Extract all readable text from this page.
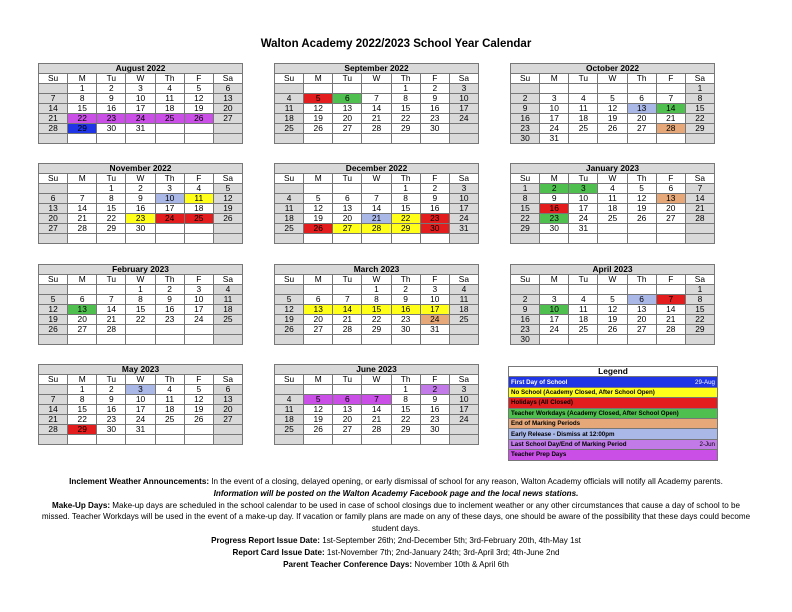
Walton Academy 2022/2023 School Year Calendar
August 2022						
Su	M	Tu	W	Th	F	Sa
	1	2	3	4	5	6
7	8	9	10	11	12	13
14	15	16	17	18	19	20
21	22	23	24	25	26	27
28	29	30	31			

September 2022						
Su	M	Tu	W	Th	F	Sa
				1	2	3
4	5	6	7	8	9	10
11	12	13	14	15	16	17
18	19	20	21	22	23	24
25	26	27	28	29	30	

October 2022						
Su	M	Tu	W	Th	F	Sa
						1
2	3	4	5	6	7	8
9	10	11	12	13	14	15
16	17	18	19	20	21	22
23	24	25	26	27	28	29
30	31					
November 2022						
Su	M	Tu	W	Th	F	Sa
		1	2	3	4	5
6	7	8	9	10	11	12
13	14	15	16	17	18	19
20	21	22	23	24	25	26
27	28	29	30			

December 2022						
Su	M	Tu	W	Th	F	Sa
				1	2	3
4	5	6	7	8	9	10
11	12	13	14	15	16	17
18	19	20	21	22	23	24
25	26	27	28	29	30	31

January 2023						
Su	M	Tu	W	Th	F	Sa
1	2	3	4	5	6	7
8	9	10	11	12	13	14
15	16	17	18	19	20	21
22	23	24	25	26	27	28
29	30	31				

February 2023						
Su	M	Tu	W	Th	F	Sa
			1	2	3	4
5	6	7	8	9	10	11
12	13	14	15	16	17	18
19	20	21	22	23	24	25
26	27	28				

March 2023						
Su	M	Tu	W	Th	F	Sa
			1	2	3	4
5	6	7	8	9	10	11
12	13	14	15	16	17	18
19	20	21	22	23	24	25
26	27	28	29	30	31	

April 2023						
Su	M	Tu	W	Th	F	Sa
						1
2	3	4	5	6	7	8
9	10	11	12	13	14	15
16	17	18	19	20	21	22
23	24	25	26	27	28	29
30						
May 2023						
Su	M	Tu	W	Th	F	Sa
	1	2	3	4	5	6
7	8	9	10	11	12	13
14	15	16	17	18	19	20
21	22	23	24	25	26	27
28	29	30	31			

June 2023						
Su	M	Tu	W	Th	F	Sa
				1	2	3
4	5	6	7	8	9	10
11	12	13	14	15	16	17
18	19	20	21	22	23	24
25	26	27	28	29	30	

Legend
First Day of School	29-Aug

No School (Academy Closed, After School Open)
Holidays (All Closed)
Teacher Workdays (Academy Closed, After School Open)
End of Marking Periods
Early Release - Dismiss at 12:00pm
Last School Day/End of Marking Period	2-Jun

Teacher Prep Days
Inclement Weather Announcements: In the event of a closing, delayed opening, or early dismissal of school for any reason, Walton Academy officials will notify all Academy parents.
Information will be posted on the Walton Academy Facebook page and the local news stations.
Make-Up Days: Make-up days are scheduled in the school calendar to be used in case of school closings due to inclement weather or any other circumstances that cause a day of school to be missed. Teacher Workdays will be used in the event of a make-up day. If vacation or family plans are made on any of these days, one should be aware of the possibility that these days could become student days.
Progress Report Issue Date: 1st-September 26th; 2nd-December 5th; 3rd-February 20th, 4th-May 1st
Report Card Issue Date: 1st-November 7th; 2nd-January 24th; 3rd-April 3rd; 4th-June 2nd
Parent Teacher Conference Days: November 10th & April 6th
